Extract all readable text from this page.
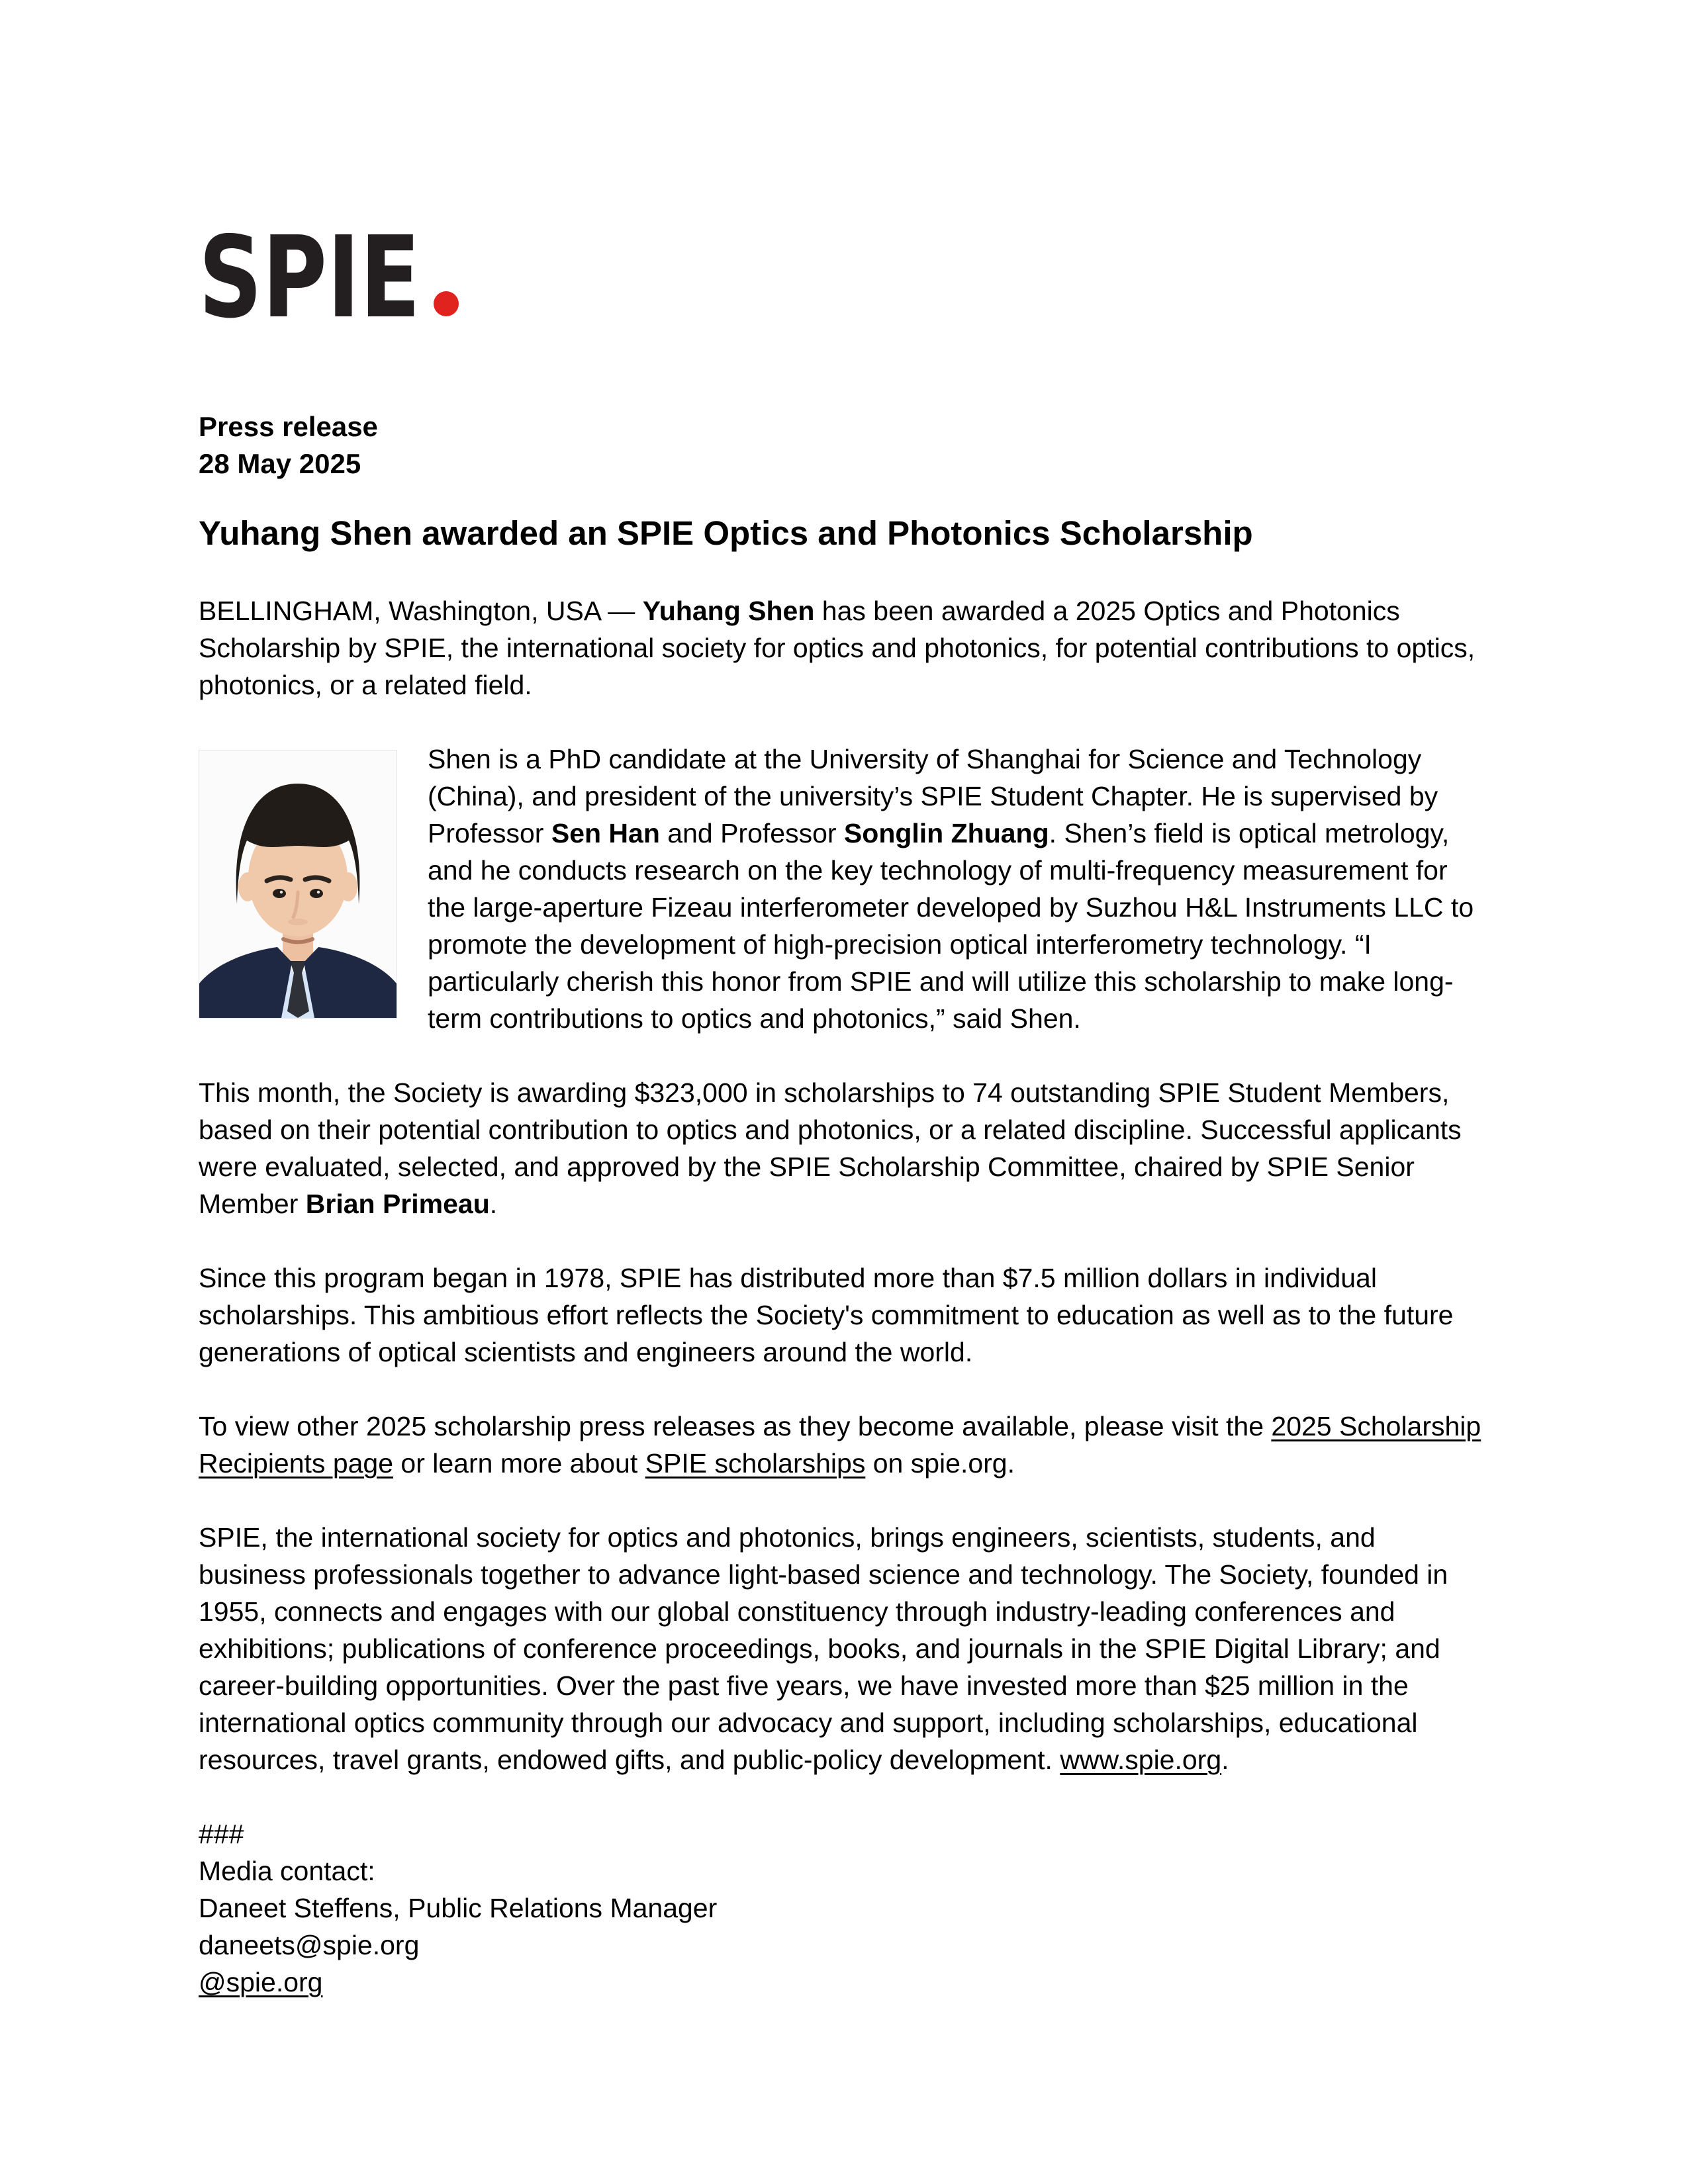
SPIE

Press release

28 May 2025

Yuhang Shen awarded an SPIE Optics and Photonics Scholarship

BELLINGHAM, Washington, USA — Yuhang Shen has been awarded a 2025 Optics and Photonics Scholarship by SPIE, the international society for optics and photonics, for potential contributions to optics, photonics, or a related field.

Shen is a PhD candidate at the University of Shanghai for Science and Technology (China), and president of the university’s SPIE Student Chapter. He is supervised by Professor Sen Han and Professor Songlin Zhuang. Shen’s field is optical metrology, and he conducts research on the key technology of multi-frequency measurement for the large-aperture Fizeau interferometer developed by Suzhou H&L Instruments LLC to promote the development of high-precision optical interferometry technology. “I particularly cherish this honor from SPIE and will utilize this scholarship to make long-term contributions to optics and photonics,” said Shen.

This month, the Society is awarding $323,000 in scholarships to 74 outstanding SPIE Student Members, based on their potential contribution to optics and photonics, or a related discipline. Successful applicants were evaluated, selected, and approved by the SPIE Scholarship Committee, chaired by SPIE Senior Member Brian Primeau.

Since this program began in 1978, SPIE has distributed more than $7.5 million dollars in individual scholarships. This ambitious effort reflects the Society's commitment to education as well as to the future generations of optical scientists and engineers around the world.

To view other 2025 scholarship press releases as they become available, please visit the 2025 Scholarship Recipients page or learn more about SPIE scholarships on spie.org.

SPIE, the international society for optics and photonics, brings engineers, scientists, students, and business professionals together to advance light-based science and technology. The Society, founded in 1955, connects and engages with our global constituency through industry-leading conferences and exhibitions; publications of conference proceedings, books, and journals in the SPIE Digital Library; and career-building opportunities. Over the past five years, we have invested more than $25 million in the international optics community through our advocacy and support, including scholarships, educational resources, travel grants, endowed gifts, and public-policy development. www.spie.org.

###

Media contact:

Daneet Steffens, Public Relations Manager

daneets@spie.org

@spie.org
